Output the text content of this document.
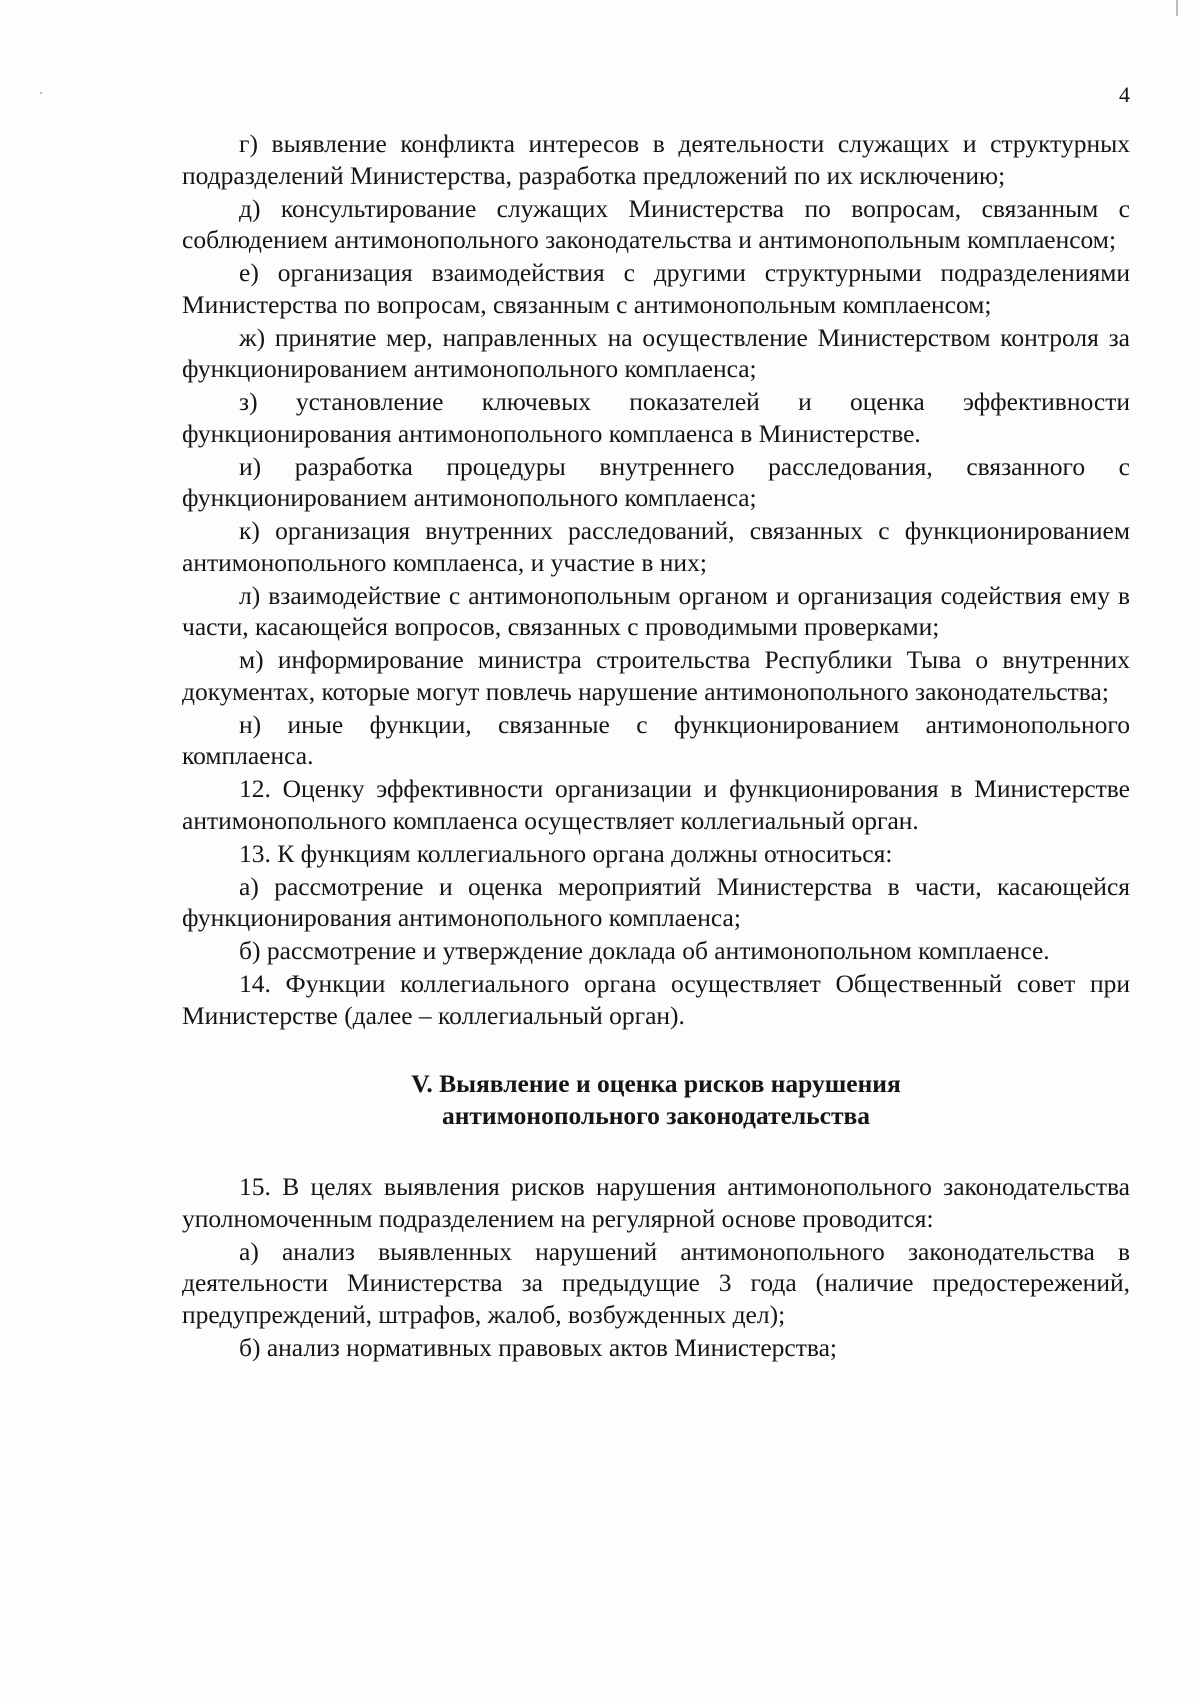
4

г) выявление конфликта интересов в деятельности служащих и структурных подразделений Министерства, разработка предложений по их исключению;

д) консультирование служащих Министерства по вопросам, связанным с соблюдением антимонопольного законодательства и антимонопольным комплаенсом;

е) организация взаимодействия с другими структурными подразделениями Министерства по вопросам, связанным с антимонопольным комплаенсом;

ж) принятие мер, направленных на осуществление Министерством контроля за функционированием антимонопольного комплаенса;

з) установление ключевых показателей и оценка эффективности функционирования антимонопольного комплаенса в Министерстве.

и) разработка процедуры внутреннего расследования, связанного с функционированием антимонопольного комплаенса;

к) организация внутренних расследований, связанных с функционированием антимонопольного комплаенса, и участие в них;

л) взаимодействие с антимонопольным органом и организация содействия ему в части, касающейся вопросов, связанных с проводимыми проверками;

м) информирование министра строительства Республики Тыва о внутренних документах, которые могут повлечь нарушение антимонопольного законодательства;

н) иные функции, связанные с функционированием антимонопольного комплаенса.

12. Оценку эффективности организации и функционирования в Министерстве антимонопольного комплаенса осуществляет коллегиальный орган.

13. К функциям коллегиального органа должны относиться:

а) рассмотрение и оценка мероприятий Министерства в части, касающейся функционирования антимонопольного комплаенса;

б) рассмотрение и утверждение доклада об антимонопольном комплаенсе.

14. Функции коллегиального органа осуществляет Общественный совет при Министерстве (далее – коллегиальный орган).

V. Выявление и оценка рисков нарушения
антимонопольного законодательства

15. В целях выявления рисков нарушения антимонопольного законодательства уполномоченным подразделением на регулярной основе проводится:

а) анализ выявленных нарушений антимонопольного законодательства в деятельности Министерства за предыдущие 3 года (наличие предостережений, предупреждений, штрафов, жалоб, возбужденных дел);

б) анализ нормативных правовых актов Министерства;
